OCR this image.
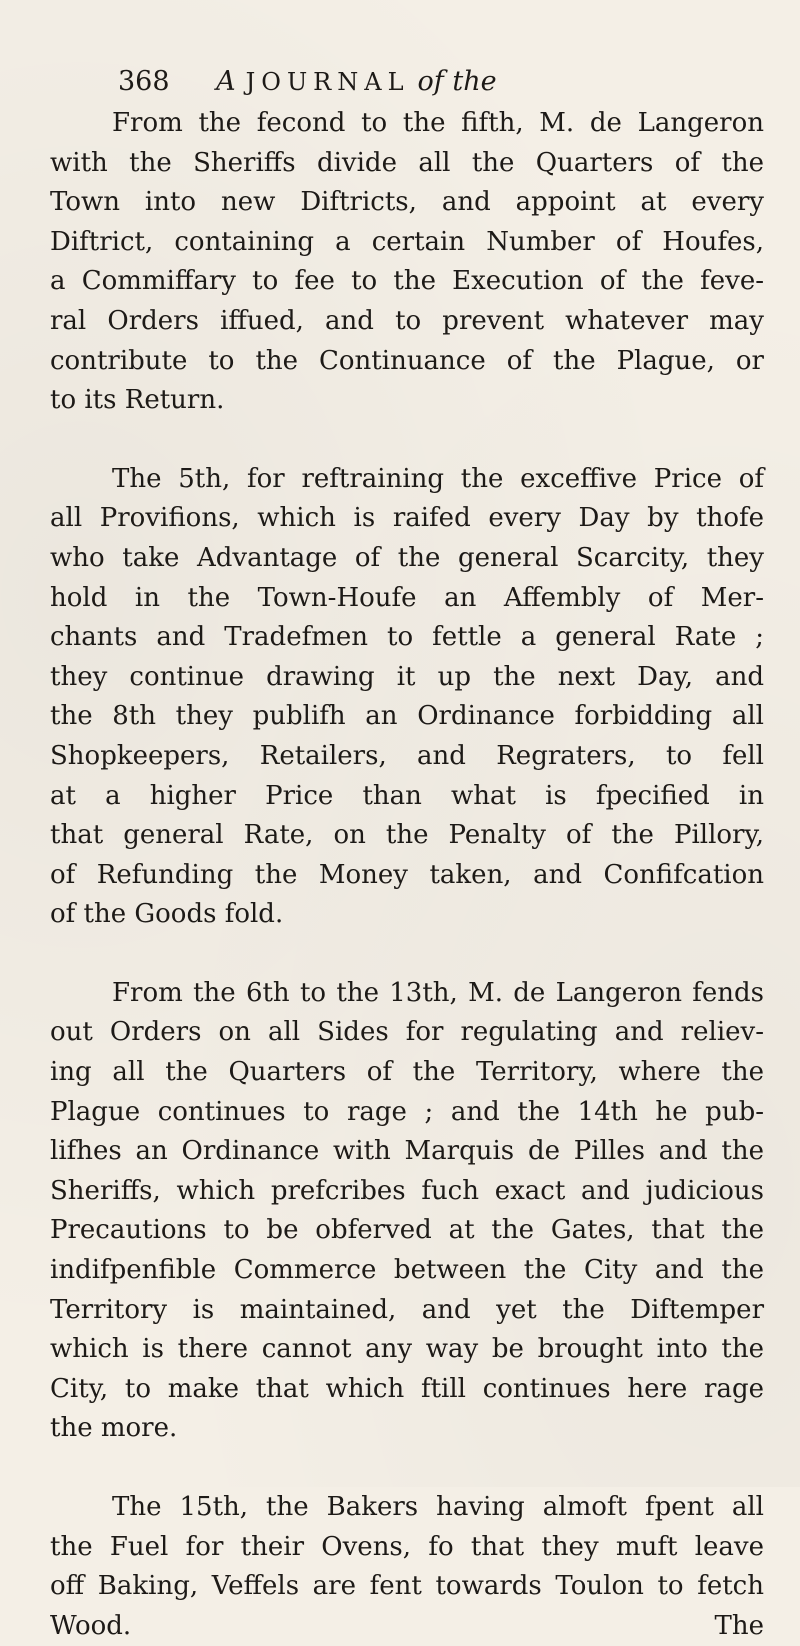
368 A JOURNAL of the

From the fecond to the fifth, M. de Langeron
with the Sheriffs divide all the Quarters of the
Town into new Diftricts, and appoint at every
Diftrict, containing a certain Number of Houfes,
a Commiffary to fee to the Execution of the feve-
ral Orders iffued, and to prevent whatever may
contribute to the Continuance of the Plague, or
to its Return.

The 5th, for reftraining the exceffive Price of
all Provifions, which is raifed every Day by thofe
who take Advantage of the general Scarcity, they
hold in the Town-Houfe an Affembly of Mer-
chants and Tradefmen to fettle a general Rate ;
they continue drawing it up the next Day, and
the 8th they publifh an Ordinance forbidding all
Shopkeepers, Retailers, and Regraters, to fell
at a higher Price than what is fpecified in
that general Rate, on the Penalty of the Pillory,
of Refunding the Money taken, and Confifcation
of the Goods fold.

From the 6th to the 13th, M. de Langeron fends
out Orders on all Sides for regulating and reliev-
ing all the Quarters of the Territory, where the
Plague continues to rage ; and the 14th he pub-
lifhes an Ordinance with Marquis de Pilles and the
Sheriffs, which prefcribes fuch exact and judicious
Precautions to be obferved at the Gates, that the
indifpenfible Commerce between the City and the
Territory is maintained, and yet the Diftemper
which is there cannot any way be brought into the
City, to make that which ftill continues here rage
the more.

The 15th, the Bakers having almoft fpent all
the Fuel for their Ovens, fo that they muft leave
off Baking, Veffels are fent towards Toulon to fetch
Wood. The
